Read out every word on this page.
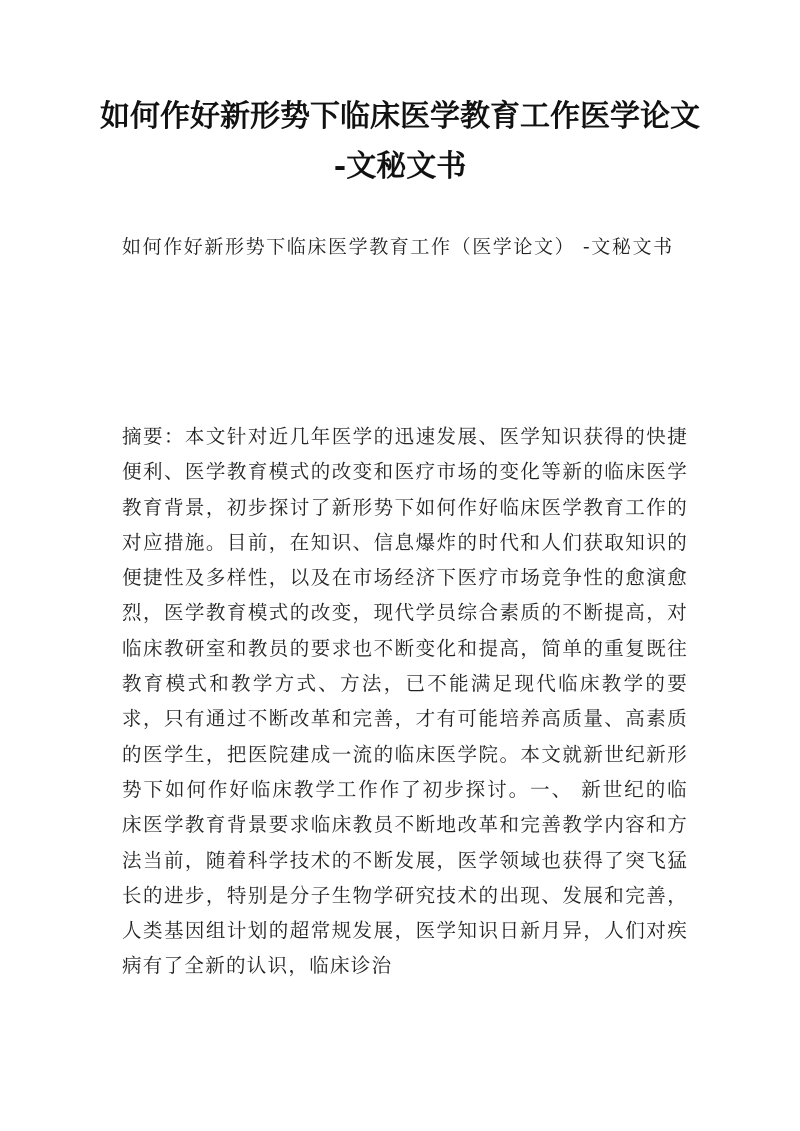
如何作好新形势下临床医学教育工作医学论文 -文秘文书

如何作好新形势下临床医学教育工作（医学论文） -文秘文书

摘要：本文针对近几年医学的迅速发展、医学知识获得的快捷便利、医学教育模式的改变和医疗市场的变化等新的临床医学教育背景，初步探讨了新形势下如何作好临床医学教育工作的对应措施。目前，在知识、信息爆炸的时代和人们获取知识的便捷性及多样性，以及在市场经济下医疗市场竞争性的愈演愈烈，医学教育模式的改变，现代学员综合素质的不断提高，对临床教研室和教员的要求也不断变化和提高，简单的重复既往教育模式和教学方式、方法，已不能满足现代临床教学的要求，只有通过不断改革和完善，才有可能培养高质量、高素质的医学生，把医院建成一流的临床医学院。本文就新世纪新形势下如何作好临床教学工作作了初步探讨。一、 新世纪的临床医学教育背景要求临床教员不断地改革和完善教学内容和方法当前，随着科学技术的不断发展，医学领域也获得了突飞猛长的进步，特别是分子生物学研究技术的出现、发展和完善，人类基因组计划的超常规发展，医学知识日新月异，人们对疾病有了全新的认识，临床诊治
